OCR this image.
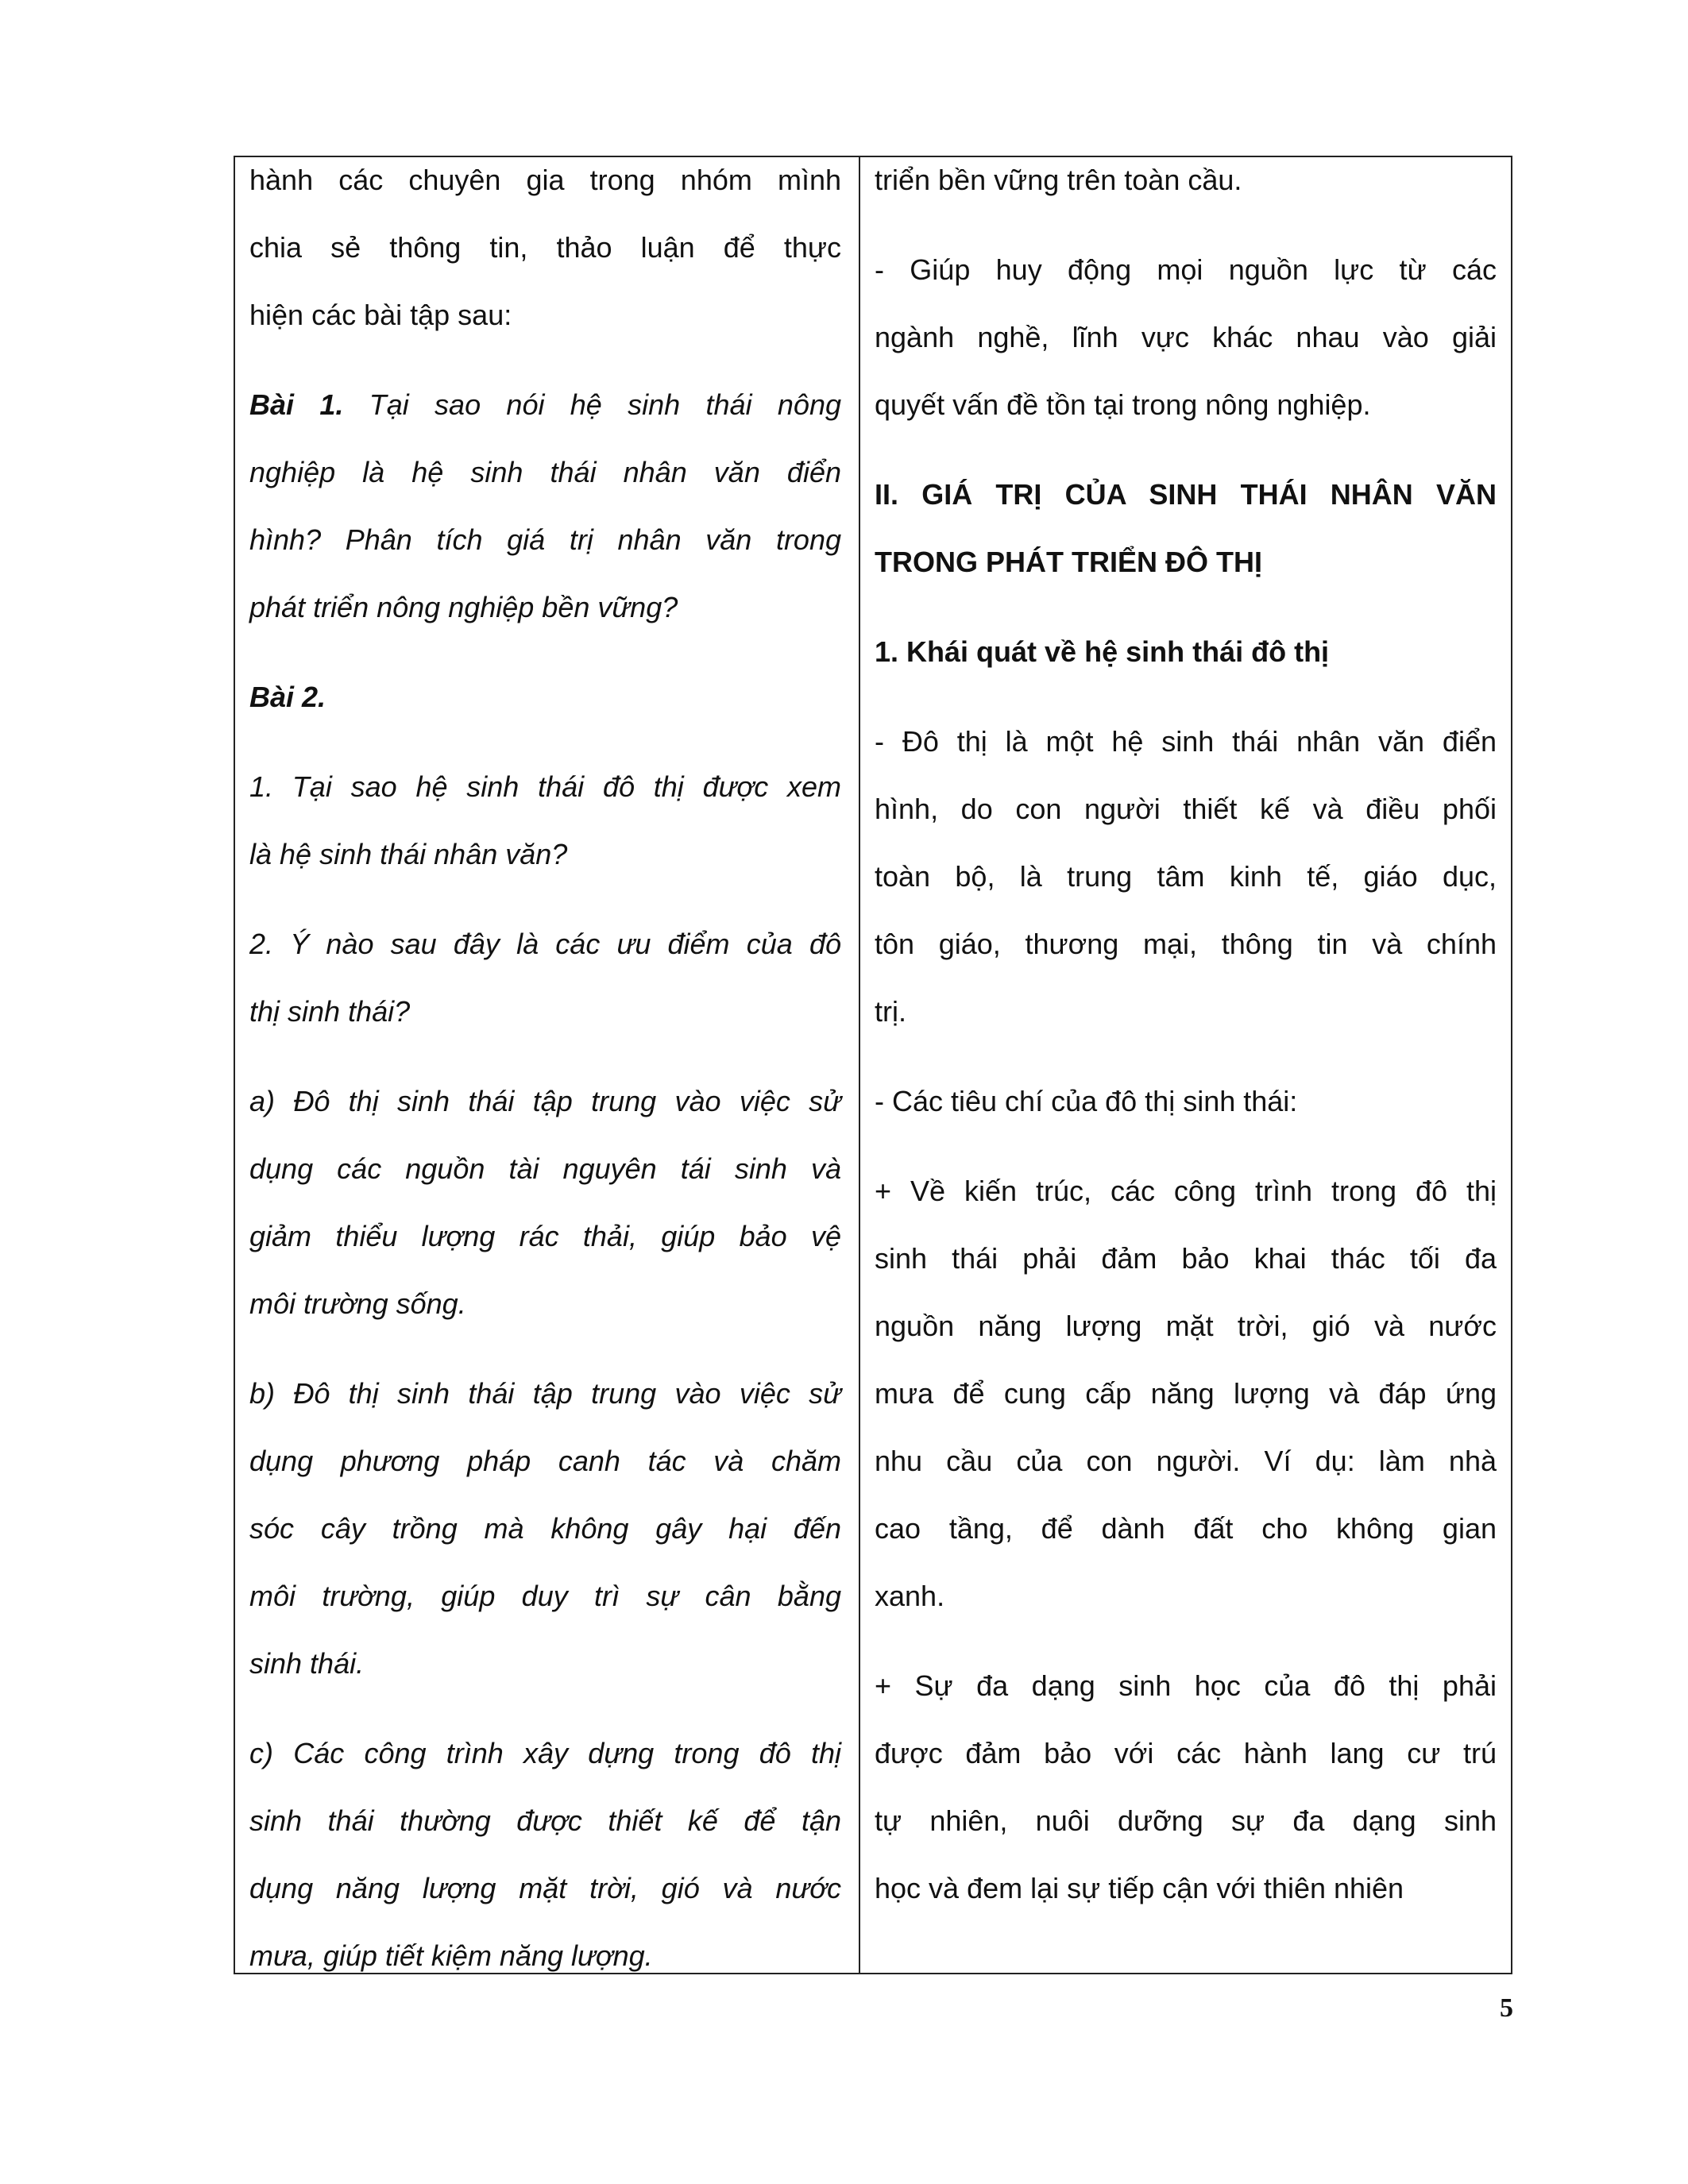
hành các chuyên gia trong nhóm mình
chia sẻ thông tin, thảo luận để thực
hiện các bài tập sau:
Bài 1. Tại sao nói hệ sinh thái nông
nghiệp là hệ sinh thái nhân văn điển
hình? Phân tích giá trị nhân văn trong
phát triển nông nghiệp bền vững?
Bài 2.
1. Tại sao hệ sinh thái đô thị được xem
là hệ sinh thái nhân văn?
2. Ý nào sau đây là các ưu điểm của đô
thị sinh thái?
a) Đô thị sinh thái tập trung vào việc sử
dụng các nguồn tài nguyên tái sinh và
giảm thiểu lượng rác thải, giúp bảo vệ
môi trường sống.
b) Đô thị sinh thái tập trung vào việc sử
dụng phương pháp canh tác và chăm
sóc cây trồng mà không gây hại đến
môi trường, giúp duy trì sự cân bằng
sinh thái.
c) Các công trình xây dựng trong đô thị
sinh thái thường được thiết kế để tận
dụng năng lượng mặt trời, gió và nước
mưa, giúp tiết kiệm năng lượng.
triển bền vững trên toàn cầu.
- Giúp huy động mọi nguồn lực từ các
ngành nghề, lĩnh vực khác nhau vào giải
quyết vấn đề tồn tại trong nông nghiệp.
II. GIÁ TRỊ CỦA SINH THÁI NHÂN VĂN
TRONG PHÁT TRIỂN ĐÔ THỊ
1. Khái quát về hệ sinh thái đô thị
- Đô thị là một hệ sinh thái nhân văn điển
hình, do con người thiết kế và điều phối
toàn bộ, là trung tâm kinh tế, giáo dục,
tôn giáo, thương mại, thông tin và chính
trị.
- Các tiêu chí của đô thị sinh thái:
+ Về kiến trúc, các công trình trong đô thị
sinh thái phải đảm bảo khai thác tối đa
nguồn năng lượng mặt trời, gió và nước
mưa để cung cấp năng lượng và đáp ứng
nhu cầu của con người. Ví dụ: làm nhà
cao tầng, để dành đất cho không gian
xanh.
+ Sự đa dạng sinh học của đô thị phải
được đảm bảo với các hành lang cư trú
tự nhiên, nuôi dưỡng sự đa dạng sinh
học và đem lại sự tiếp cận với thiên nhiên
5
